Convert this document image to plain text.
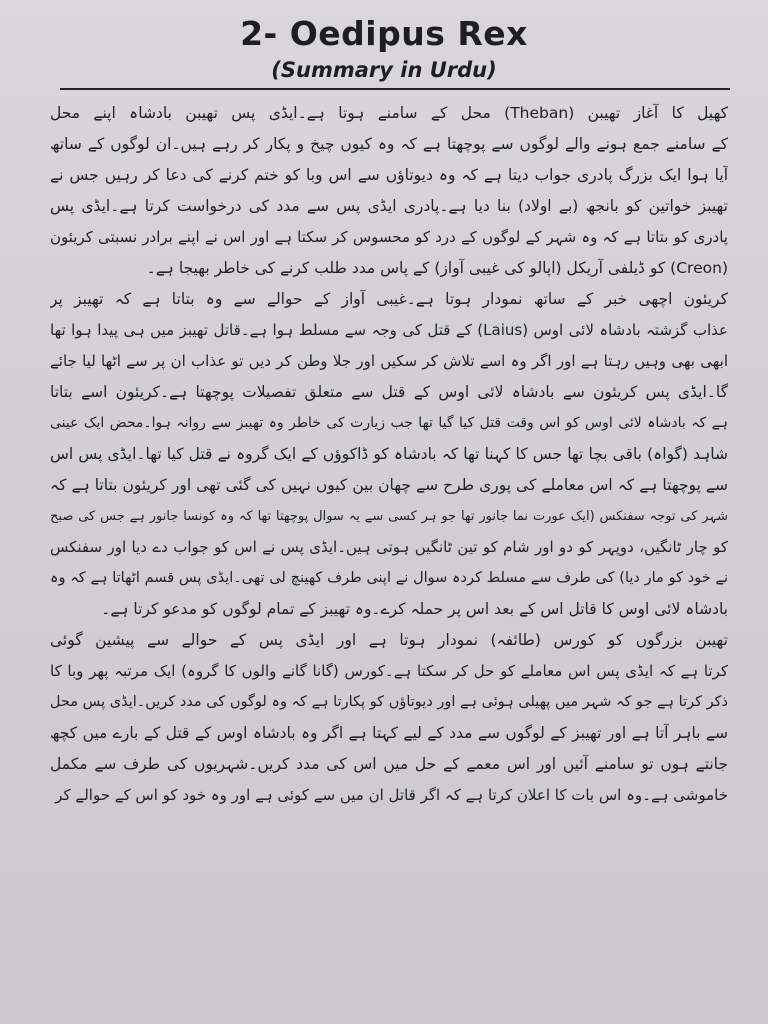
2- Oedipus Rex
(Summary in Urdu)
کھیل کا آغاز تھیبن (Theban) محل کے سامنے ہوتا ہے۔ایڈی پس تھیبن بادشاہ اپنے محل
کے سامنے جمع ہونے والے لوگوں سے پوچھتا ہے کہ وہ کیوں چیخ و پکار کر رہے ہیں۔ان لوگوں کے ساتھ
آیا ہوا ایک بزرگ پادری جواب دیتا ہے کہ وہ دیوتاؤں سے اس وبا کو ختم کرنے کی دعا کر رہیں جس نے
تھیبز خواتین کو بانجھ (بے اولاد) بنا دیا ہے۔پادری ایڈی پس سے مدد کی درخواست کرتا ہے۔ایڈی پس
پادری کو بتاتا ہے کہ وہ شہر کے لوگوں کے درد کو محسوس کر سکتا ہے اور اس نے اپنے برادر نسبتی کریئون
(Creon) کو ڈیلفی آریکل (اپالو کی غیبی آواز) کے پاس مدد طلب کرنے کی خاطر بھیجا ہے۔
کریئون اچھی خبر کے ساتھ نمودار ہوتا ہے۔غیبی آواز کے حوالے سے وہ بتاتا ہے کہ تھیبز پر
عذاب گزشتہ بادشاہ لائی اوس (Laius) کے قتل کی وجہ سے مسلط ہوا ہے۔قاتل تھیبز میں ہی پیدا ہوا تھا
ابھی بھی وہیں رہتا ہے اور اگر وہ اسے تلاش کر سکیں اور جلا وطن کر دیں تو عذاب ان پر سے اٹھا لیا جائے
گا۔ایڈی پس کریئون سے بادشاہ لائی اوس کے قتل سے متعلق تفصیلات پوچھتا ہے۔کریئون اسے بتاتا
ہے کہ بادشاہ لائی اوس کو اس وقت قتل کیا گیا تھا جب زیارت کی خاطر وہ تھیبز سے روانہ ہوا۔محض ایک عینی
شاہد (گواہ) باقی بچا تھا جس کا کہنا تھا کہ بادشاہ کو ڈاکوؤں کے ایک گروہ نے قتل کیا تھا۔ایڈی پس اس
سے پوچھتا ہے کہ اس معاملے کی پوری طرح سے چھان بین کیوں نہیں کی گئی تھی اور کریئون بتاتا ہے کہ
شہر کی توجہ سفنکس (ایک عورت نما جانور تھا جو ہر کسی سے یہ سوال پوچھتا تھا کہ وہ کونسا جانور ہے جس کی صبح
کو چار ٹانگیں، دوپہر کو دو اور شام کو تین ٹانگیں ہوتی ہیں۔ایڈی پس نے اس کو جواب دے دیا اور سفنکس
نے خود کو مار دیا) کی طرف سے مسلط کردہ سوال نے اپنی طرف کھینچ لی تھی۔ایڈی پس قسم اٹھاتا ہے کہ وہ
بادشاہ لائی اوس کا قاتل اس کے بعد اس پر حملہ کرے۔وہ تھیبز کے تمام لوگوں کو مدعو کرتا ہے۔
تھیبن بزرگوں کو کورس (طائفہ) نمودار ہوتا ہے اور ایڈی پس کے حوالے سے پیشین گوئی
کرتا ہے کہ ایڈی پس اس معاملے کو حل کر سکتا ہے۔کورس (گانا گانے والوں کا گروہ) ایک مرتبہ پھر وبا کا
ذکر کرتا ہے جو کہ شہر میں پھیلی ہوئی ہے اور دیوتاؤں کو پکارتا ہے کہ وہ لوگوں کی مدد کریں۔ایڈی پس محل
سے باہر آتا ہے اور تھیبز کے لوگوں سے مدد کے لیے کہتا ہے اگر وہ بادشاہ اوس کے قتل کے بارے میں کچھ
جانتے ہوں تو سامنے آئیں اور اس معمے کے حل میں اس کی مدد کریں۔شہریوں کی طرف سے مکمل
خاموشی ہے۔وہ اس بات کا اعلان کرتا ہے کہ اگر قاتل ان میں سے کوئی ہے اور وہ خود کو اس کے حوالے کر
